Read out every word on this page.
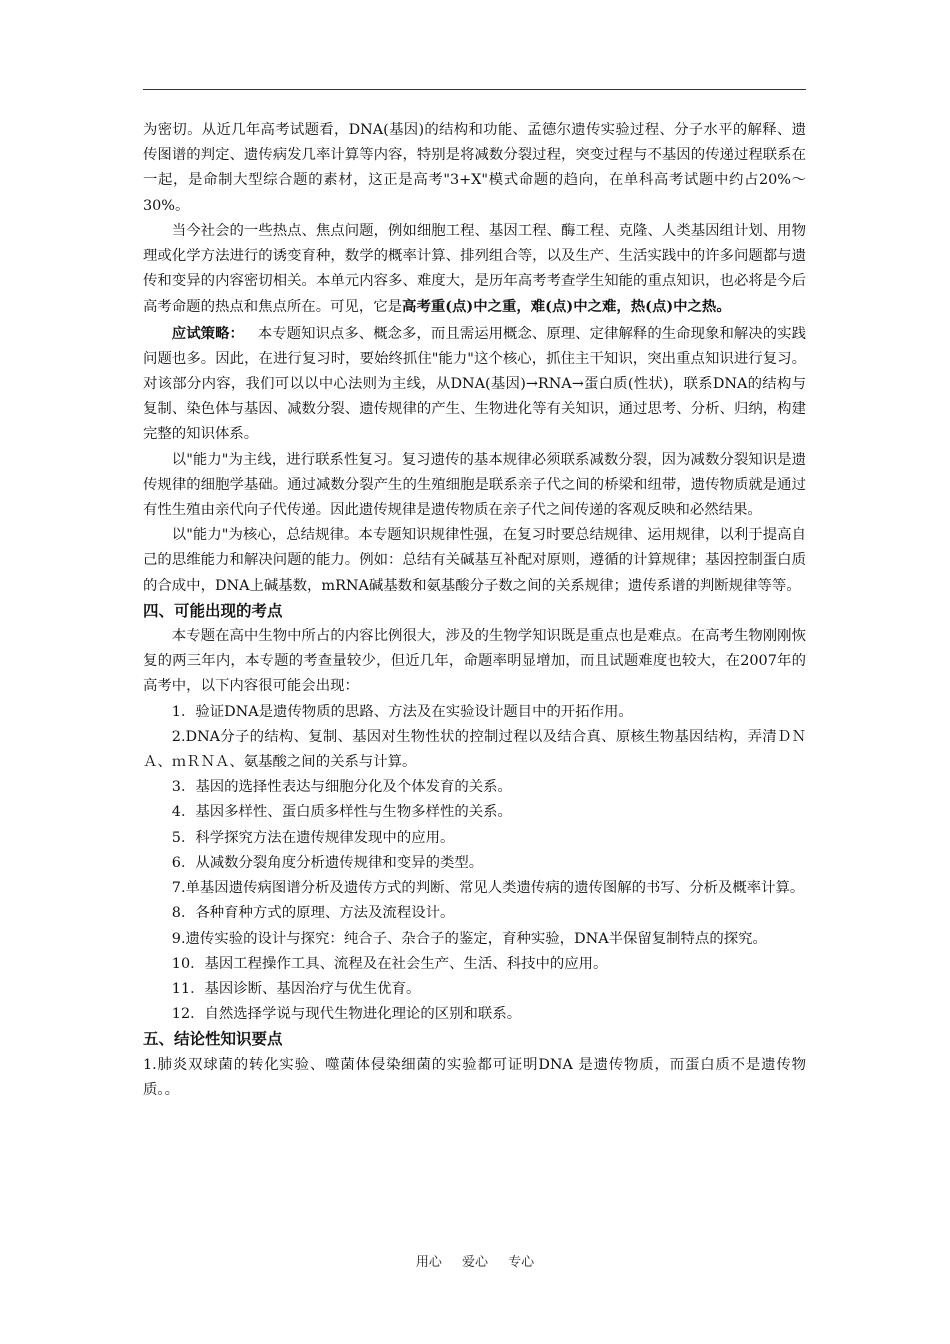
为密切。从近几年高考试题看，DNA(基因)的结构和功能、孟德尔遗传实验过程、分子水平的解释、遗传图谱的判定、遗传病发几率计算等内容，特别是将减数分裂过程，突变过程与不基因的传递过程联系在一起，是命制大型综合题的素材，这正是高考"3+X"模式命题的趋向，在单科高考试题中约占20%～30%。

当今社会的一些热点、焦点问题，例如细胞工程、基因工程、酶工程、克隆、人类基因组计划、用物理或化学方法进行的诱变育种，数学的概率计算、排列组合等，以及生产、生活实践中的许多问题都与遗传和变异的内容密切相关。本单元内容多、难度大，是历年高考考查学生知能的重点知识，也必将是今后高考命题的热点和焦点所在。可见，它是高考重(点)中之重，难(点)中之难，热(点)中之热。

应试策略： 本专题知识点多、概念多，而且需运用概念、原理、定律解释的生命现象和解决的实践问题也多。因此，在进行复习时，要始终抓住"能力"这个核心，抓住主干知识，突出重点知识进行复习。对该部分内容，我们可以以中心法则为主线，从DNA(基因)→RNA→蛋白质(性状)，联系DNA的结构与复制、染色体与基因、减数分裂、遗传规律的产生、生物进化等有关知识，通过思考、分析、归纳，构建完整的知识体系。

以"能力"为主线，进行联系性复习。复习遗传的基本规律必须联系减数分裂，因为减数分裂知识是遗传规律的细胞学基础。通过减数分裂产生的生殖细胞是联系亲子代之间的桥梁和纽带，遗传物质就是通过有性生殖由亲代向子代传递。因此遗传规律是遗传物质在亲子代之间传递的客观反映和必然结果。

以"能力"为核心，总结规律。本专题知识规律性强，在复习时要总结规律、运用规律，以利于提高自己的思维能力和解决问题的能力。例如：总结有关碱基互补配对原则，遵循的计算规律；基因控制蛋白质的合成中，DNA上碱基数，mRNA碱基数和氨基酸分子数之间的关系规律；遗传系谱的判断规律等等。

四、可能出现的考点

本专题在高中生物中所占的内容比例很大，涉及的生物学知识既是重点也是难点。在高考生物刚刚恢复的两三年内，本专题的考查量较少，但近几年，命题率明显增加，而且试题难度也较大，在2007年的高考中，以下内容很可能会出现：

1．验证DNA是遗传物质的思路、方法及在实验设计题目中的开拓作用。

2.DNA分子的结构、复制、基因对生物性状的控制过程以及结合真、原核生物基因结构，弄清ＤＮＡ、ｍＲＮＡ、氨基酸之间的关系与计算。

3．基因的选择性表达与细胞分化及个体发育的关系。

4．基因多样性、蛋白质多样性与生物多样性的关系。

5．科学探究方法在遗传规律发现中的应用。

6．从减数分裂角度分析遗传规律和变异的类型。

7.单基因遗传病图谱分析及遗传方式的判断、常见人类遗传病的遗传图解的书写、分析及概率计算。

8．各种育种方式的原理、方法及流程设计。

9.遗传实验的设计与探究：纯合子、杂合子的鉴定，育种实验，DNA半保留复制特点的探究。

10．基因工程操作工具、流程及在社会生产、生活、科技中的应用。

11．基因诊断、基因治疗与优生优育。

12．自然选择学说与现代生物进化理论的区别和联系。

五、结论性知识要点

1.肺炎双球菌的转化实验、噬菌体侵染细菌的实验都可证明DNA 是遗传物质，而蛋白质不是遗传物质。。

用心 爱心 专心
